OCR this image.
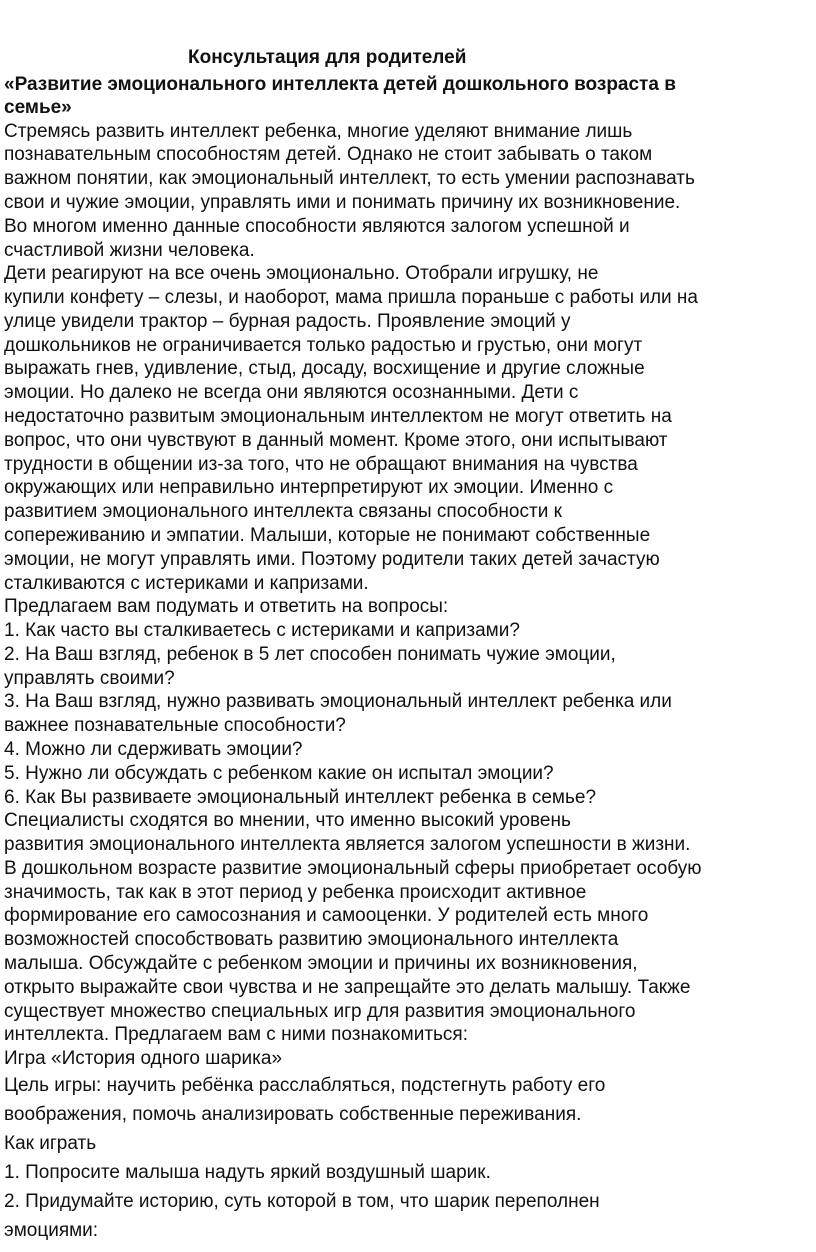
Консультация для родителей
«Развитие эмоционального интеллекта детей дошкольного возраста в
семье»
Стремясь развить интеллект ребенка, многие уделяют внимание лишь
познавательным способностям детей. Однако не стоит забывать о таком
важном понятии, как эмоциональный интеллект, то есть умении распознавать
свои и чужие эмоции, управлять ими и понимать причину их возникновение.
Во многом именно данные способности являются залогом успешной и
счастливой жизни человека.
Дети реагируют на все очень эмоционально. Отобрали игрушку, не
купили конфету – слезы, и наоборот, мама пришла пораньше с работы или на
улице увидели трактор – бурная радость. Проявление эмоций у
дошкольников не ограничивается только радостью и грустью, они могут
выражать гнев, удивление, стыд, досаду, восхищение и другие сложные
эмоции. Но далеко не всегда они являются осознанными. Дети с
недостаточно развитым эмоциональным интеллектом не могут ответить на
вопрос, что они чувствуют в данный момент. Кроме этого, они испытывают
трудности в общении из-за того, что не обращают внимания на чувства
окружающих или неправильно интерпретируют их эмоции. Именно с
развитием эмоционального интеллекта связаны способности к
сопереживанию и эмпатии. Малыши, которые не понимают собственные
эмоции, не могут управлять ими. Поэтому родители таких детей зачастую
сталкиваются с истериками и капризами.
Предлагаем вам подумать и ответить на вопросы:
1. Как часто вы сталкиваетесь с истериками и капризами?
2. На Ваш взгляд, ребенок в 5 лет способен понимать чужие эмоции,
управлять своими?
3. На Ваш взгляд, нужно развивать эмоциональный интеллект ребенка или
важнее познавательные способности?
4. Можно ли сдерживать эмоции?
5. Нужно ли обсуждать с ребенком какие он испытал эмоции?
6. Как Вы развиваете эмоциональный интеллект ребенка в семье?
Специалисты сходятся во мнении, что именно высокий уровень
развития эмоционального интеллекта является залогом успешности в жизни.
В дошкольном возрасте развитие эмоциональный сферы приобретает особую
значимость, так как в этот период у ребенка происходит активное
формирование его самосознания и самооценки. У родителей есть много
возможностей способствовать развитию эмоционального интеллекта
малыша. Обсуждайте с ребенком эмоции и причины их возникновения,
открыто выражайте свои чувства и не запрещайте это делать малышу. Также
существует множество специальных игр для развития эмоционального
интеллекта. Предлагаем вам с ними познакомиться:
Игра «История одного шарика»
Цель игры: научить ребёнка расслабляться, подстегнуть работу его
воображения, помочь анализировать собственные переживания.
Как играть
1. Попросите малыша надуть яркий воздушный шарик.
2. Придумайте историю, суть которой в том, что шарик переполнен
эмоциями:
